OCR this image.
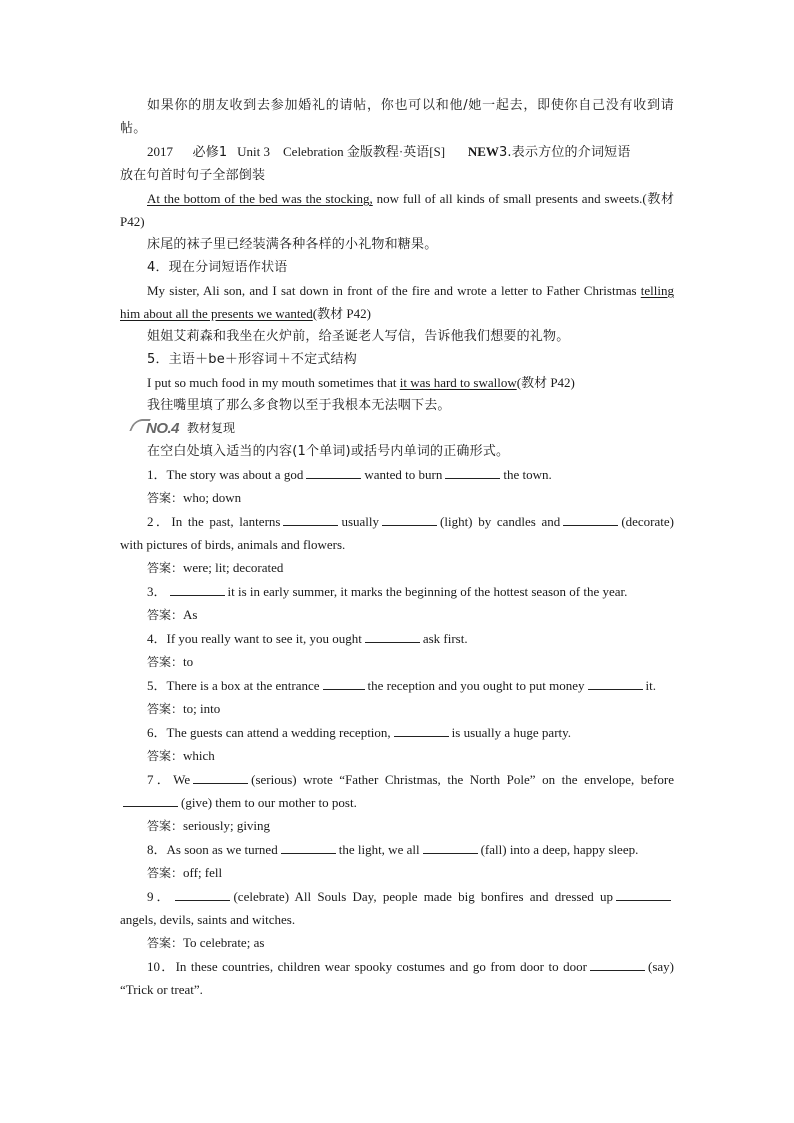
如果你的朋友收到去参加婚礼的请帖，你也可以和他/她一起去，即使你自己没有收到请帖。

2017 必修1 Unit 3 Celebration 金版教程·英语[S] NEW3.表示方位的介词短语

放在句首时句子全部倒装

At the bottom of the bed was the stocking, now full of all kinds of small presents and sweets.(教材 P42)

床尾的袜子里已经装满各种各样的小礼物和糖果。

4．现在分词短语作状语

My sister, Ali son, and I sat down in front of the fire and wrote a letter to Father Christmas telling him about all the presents we wanted(教材 P42)

姐姐艾莉森和我坐在火炉前，给圣诞老人写信，告诉他我们想要的礼物。

5．主语＋be＋形容词＋不定式结构

I put so much food in my mouth sometimes that it was hard to swallow(教材 P42)

我往嘴里填了那么多食物以至于我根本无法咽下去。

NO.4 教材复现

在空白处填入适当的内容(1个单词)或括号内单词的正确形式。

1．The story was about a god	wanted to burn	the town.

答案：who; down

2．In the past, lanterns	usually	(light) by candles and	(decorate) with pictures of birds, animals and flowers.

答案：were; lit; decorated

3．	it is in early summer, it marks the beginning of the hottest season of the year.

答案：As

4．If you really want to see it, you ought	ask first.

答案：to

5．There is a box at the entrance	the reception and you ought to put money	it.

答案：to; into

6．The guests can attend a wedding reception,	is usually a huge party.

答案：which

7．We	(serious) wrote “Father Christmas, the North Pole” on the envelope, before(give) them to our mother to post.

答案：seriously; giving

8．As soon as we turned	the light, we all	(fall) into a deep, happy sleep.

答案：off; fell

9．	(celebrate) All Souls Day, people made big bonfires and dressed upangels, devils, saints and witches.

答案：To celebrate; as

10．In these countries, children wear spooky costumes and go from door to door	(say) “Trick or treat”.
